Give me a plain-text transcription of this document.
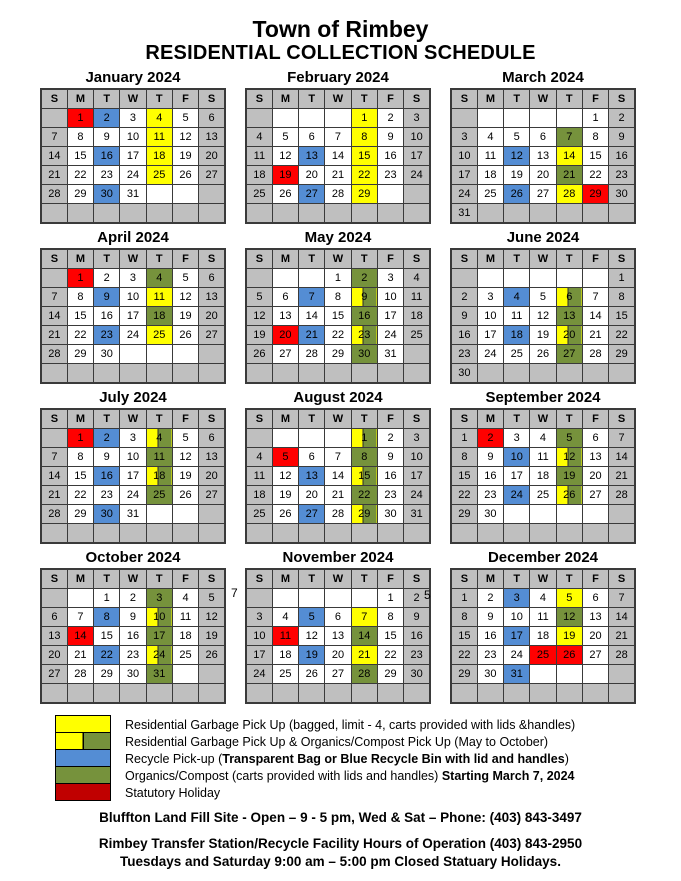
Town of Rimbey
RESIDENTIAL COLLECTION SCHEDULE
January 2024
S	M	T	W	T	F	S
	1	2	3	4	5	6
7	8	9	10	11	12	13
14	15	16	17	18	19	20
21	22	23	24	25	26	27
28	29	30	31			

February 2024
S	M	T	W	T	F	S
				1	2	3
4	5	6	7	8	9	10
11	12	13	14	15	16	17
18	19	20	21	22	23	24
25	26	27	28	29		

March 2024
S	M	T	W	T	F	S
					1	2
3	4	5	6	7	8	9
10	11	12	13	14	15	16
17	18	19	20	21	22	23
24	25	26	27	28	29	30
31						
April 2024
S	M	T	W	T	F	S
	1	2	3	4	5	6
7	8	9	10	11	12	13
14	15	16	17	18	19	20
21	22	23	24	25	26	27
28	29	30				

May 2024
S	M	T	W	T	F	S
			1	2	3	4
5	6	7	8	9	10	11
12	13	14	15	16	17	18
19	20	21	22	23	24	25
26	27	28	29	30	31	

June 2024
S	M	T	W	T	F	S
						1
2	3	4	5	6	7	8
9	10	11	12	13	14	15
16	17	18	19	20	21	22
23	24	25	26	27	28	29
30						
July 2024
S	M	T	W	T	F	S
	1	2	3	4	5	6
7	8	9	10	11	12	13
14	15	16	17	18	19	20
21	22	23	24	25	26	27
28	29	30	31			

August 2024
S	M	T	W	T	F	S
				1	2	3
4	5	6	7	8	9	10
11	12	13	14	15	16	17
18	19	20	21	22	23	24
25	26	27	28	29	30	31

September 2024
S	M	T	W	T	F	S
1	2	3	4	5	6	7
8	9	10	11	12	13	14
15	16	17	18	19	20	21
22	23	24	25	26	27	28
29	30					

October 2024
S	M	T	W	T	F	S
		1	2	3	4	5
6	7	8	9	10	11	12
13	14	15	16	17	18	19
20	21	22	23	24	25	26
27	28	29	30	31		

November 2024
S	M	T	W	T	F	S
					1	2
3	4	5	6	7	8	9
10	11	12	13	14	15	16
17	18	19	20	21	22	23
24	25	26	27	28	29	30

December 2024
S	M	T	W	T	F	S
1	2	3	4	5	6	7
8	9	10	11	12	13	14
15	16	17	18	19	20	21
22	23	24	25	26	27	28
29	30	31				

7	5
Residential Garbage Pick Up (bagged, limit - 4, carts provided with lids &handles)
Residential Garbage Pick Up & Organics/Compost Pick Up (May to October)
Recycle Pick-up (Transparent Bag or Blue Recycle Bin with lid and handles)
Organics/Compost (carts provided with lids and handles) Starting March 7, 2024
Statutory Holiday
Bluffton Land Fill Site - Open – 9 - 5 pm, Wed & Sat – Phone: (403) 843-3497
Rimbey Transfer Station/Recycle Facility Hours of Operation (403) 843-2950
Tuesdays and Saturday 9:00 am – 5:00 pm Closed Statuary Holidays.
